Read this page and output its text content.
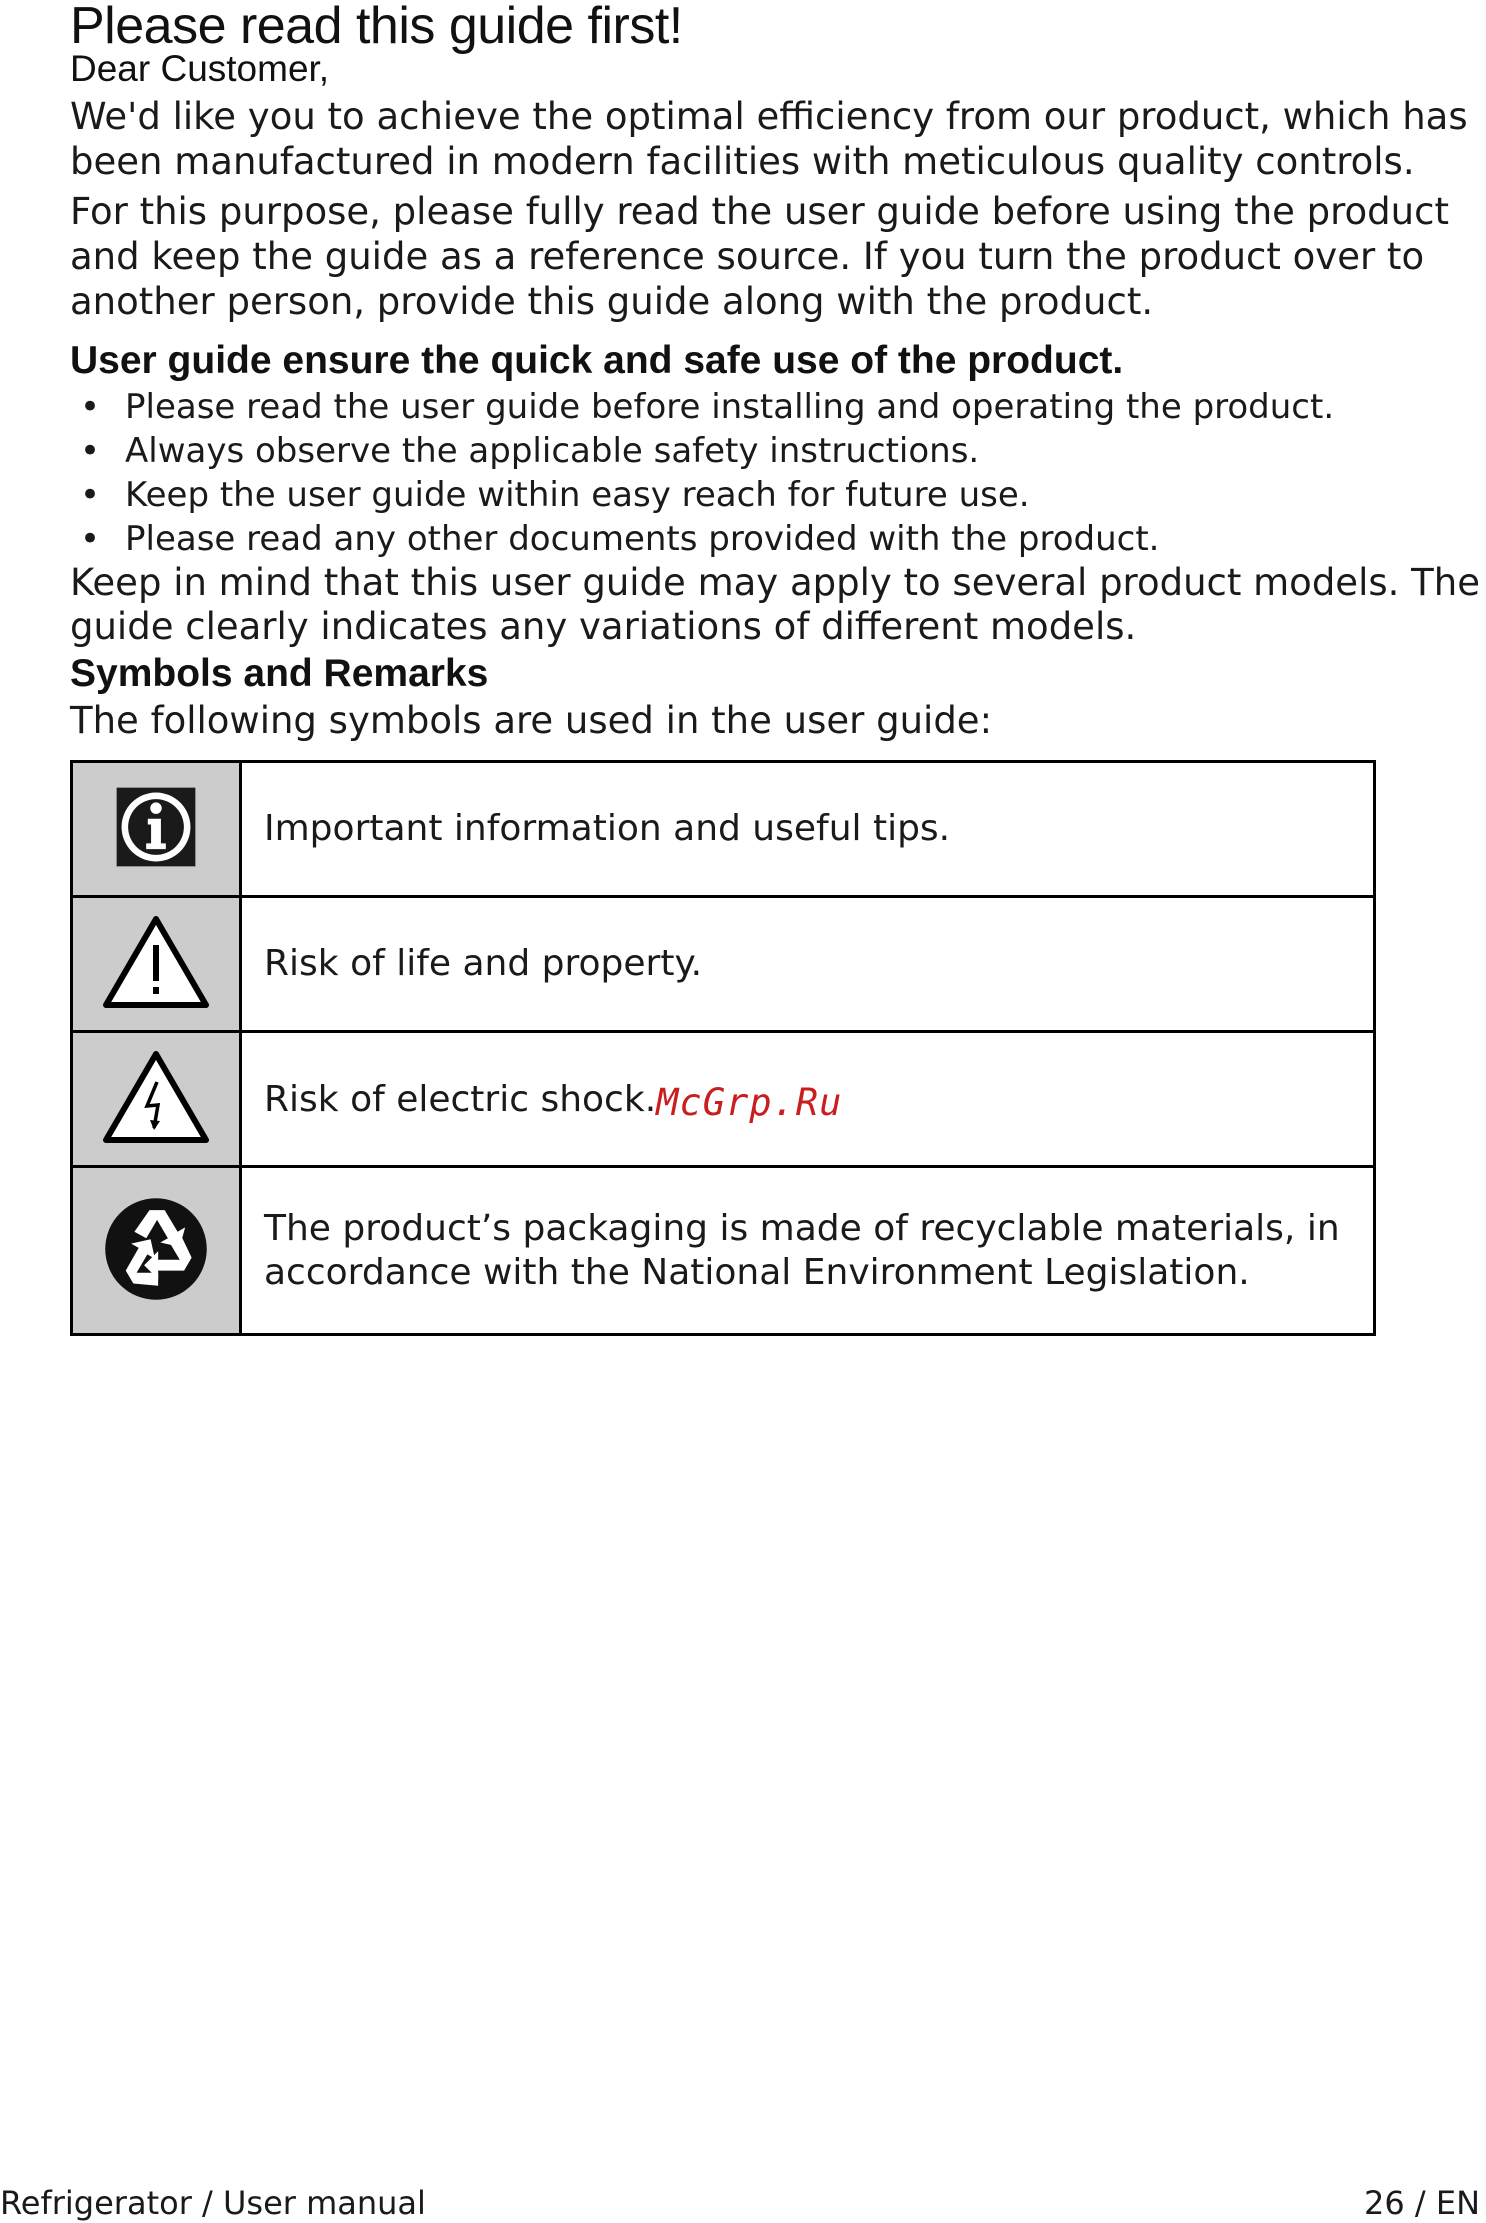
Please read this guide first!
Dear Customer,

We'd like you to achieve the optimal efficiency from our product, which has

been manufactured in modern facilities with meticulous quality controls.

For this purpose, please fully read the user guide before using the product

and keep the guide as a reference source. If you turn the product over to

another person, provide this guide along with the product.

User guide ensure the quick and safe use of the product.
• Please read the user guide before installing and operating the product.
• Always observe the applicable safety instructions.
• Keep the user guide within easy reach for future use.
• Please read any other documents provided with the product.

Keep in mind that this user guide may apply to several product models. The

guide clearly indicates any variations of different models.

Symbols and Remarks

The following symbols are used in the user guide:

	Important information and useful tips.
	Risk of life and property.
	Risk of electric shock.McGrp.Ru

The product’s packaging is made of recyclable materials, in
accordance with the National Environment Legislation.
Refrigerator / User manual	26 / EN
